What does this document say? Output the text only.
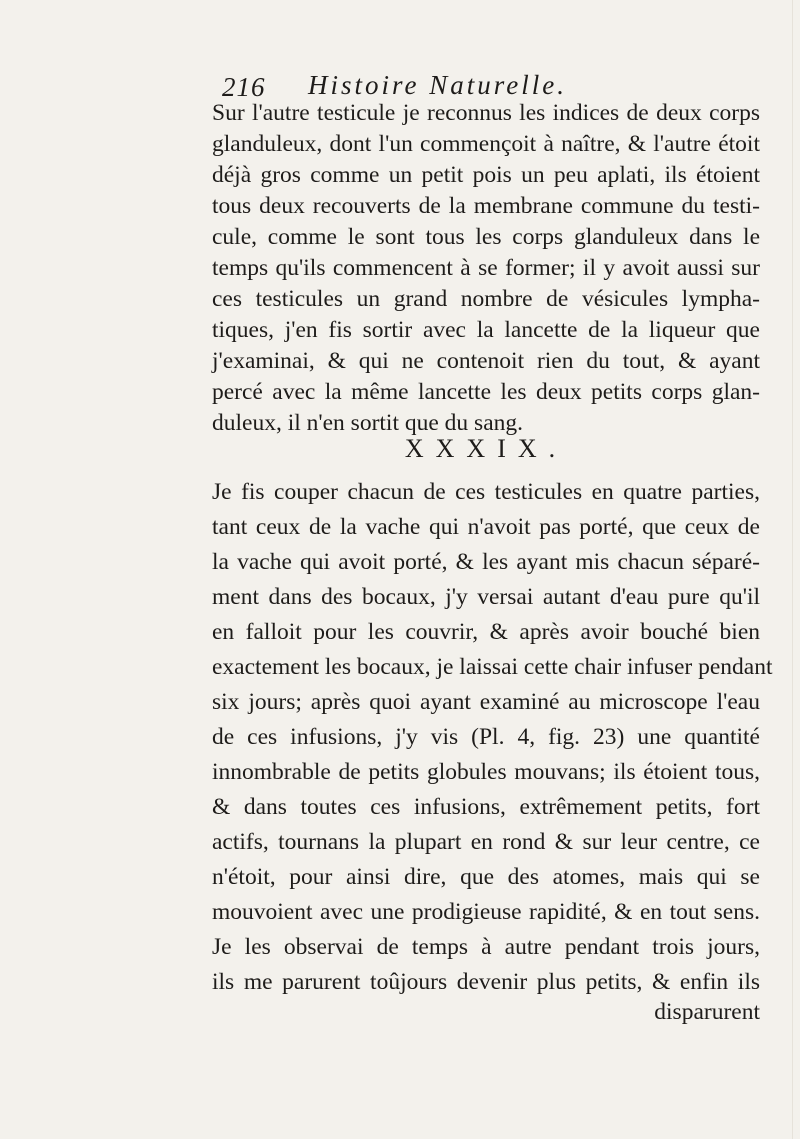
216 Histoire Naturelle.
Sur l'autre testicule je reconnus les indices de deux corps
glanduleux, dont l'un commençoit à naître, & l'autre étoit
déjà gros comme un petit pois un peu aplati, ils étoient
tous deux recouverts de la membrane commune du testi-
cule, comme le sont tous les corps glanduleux dans le
temps qu'ils commencent à se former; il y avoit aussi sur
ces testicules un grand nombre de vésicules lympha-
tiques, j'en fis sortir avec la lancette de la liqueur que
j'examinai, & qui ne contenoit rien du tout, & ayant
percé avec la même lancette les deux petits corps glan-
duleux, il n'en sortit que du sang.
XXXIX.
Je fis couper chacun de ces testicules en quatre parties,
tant ceux de la vache qui n'avoit pas porté, que ceux de
la vache qui avoit porté, & les ayant mis chacun séparé-
ment dans des bocaux, j'y versai autant d'eau pure qu'il
en falloit pour les couvrir, & après avoir bouché bien
exactement les bocaux, je laissai cette chair infuser pendant
six jours; après quoi ayant examiné au microscope l'eau
de ces infusions, j'y vis (Pl. 4, fig. 23) une quantité
innombrable de petits globules mouvans; ils étoient tous,
& dans toutes ces infusions, extrêmement petits, fort
actifs, tournans la plupart en rond & sur leur centre, ce
n'étoit, pour ainsi dire, que des atomes, mais qui se
mouvoient avec une prodigieuse rapidité, & en tout sens.
Je les observai de temps à autre pendant trois jours,
ils me parurent toûjours devenir plus petits, & enfin ils
disparurent
